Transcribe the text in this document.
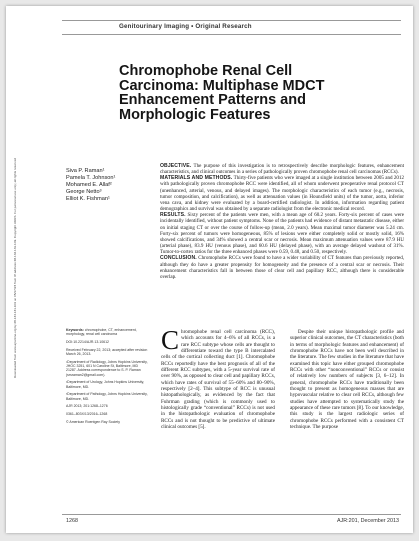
Downloaded from www.ajronline.org by 68.134.131.109 on 05/17/23 from IP address 68.134.131.109. Copyright ARRS. For personal use only; all rights reserved
Genitourinary Imaging • Original Research
Chromophobe Renal Cell Carcinoma: Multiphase MDCT Enhancement Patterns and Morphologic Features
Siva P. Raman¹
Pamela T. Johnson¹
Mohamed E. Allaf²
George Netto³
Elliot K. Fishman¹

OBJECTIVE. The purpose of this investigation is to retrospectively describe morphologic features, enhancement characteristics, and clinical outcomes in a series of pathologically proven chromophobe renal cell carcinomas (RCCs).

MATERIALS AND METHODS. Thirty-five patients who were imaged at a single institution between 2005 and 2012 with pathologically proven chromophobe RCC were identified, all of whom underwent preoperative renal protocol CT (unenhanced, arterial, venous, and delayed images). The morphologic characteristics of each tumor (e.g., necrosis, tumor composition, and calcification), as well as attenuation values (in Hounsfield units) of the tumor, aorta, inferior vena cava, and kidney were evaluated by a board-certified radiologist. In addition, information regarding patient demographics and survival was obtained by a separate radiologist from the electronic medical record.

RESULTS. Sixty percent of the patients were men, with a mean age of 60.2 years. Forty-six percent of cases were incidentally identified, without patient symptoms. None of the patients had evidence of distant metastatic disease, either on initial staging CT or over the course of follow-up (mean, 2.0 years). Mean maximal tumor diameter was 5.24 cm. Forty-six percent of tumors were homogeneous, 85% of lesions were either completely solid or mostly solid, 16% showed calcifications, and 34% showed a central scar or necrosis. Mean maximum attenuation values were 87.9 HU (arterial phase), 83.9 HU (venous phase), and 60.6 HU (delayed phase), with an average delayed washout of 31%. Tumor-to-cortex ratios for the three enhanced phases were 0.59, 0.48, and 0.50, respectively.

CONCLUSION. Chromophobe RCCs were found to have a wider variability of CT features than previously reported, although they do have a greater propensity for homogeneity and the presence of a central scar or necrosis. Their enhancement characteristics fall in between those of clear cell and papillary RCC, although there is considerable overlap.

Keywords: chromophobe, CT, enhancement, morphology, renal cell carcinoma

DOI:10.2214/AJR.13.10612

Received February 22, 2013; accepted after revision March 26, 2013.

¹Department of Radiology, Johns Hopkins University, JHOC 3251, 601 N Caroline St, Baltimore, MD 21287. Address correspondence to S. P. Raman (srsraman2@gmail.com).

²Department of Urology, Johns Hopkins University, Baltimore, MD.

³Department of Pathology, Johns Hopkins University, Baltimore, MD.

AJR 2013; 201:1268–1276

0361–803X/13/2016–1268

© American Roentgen Ray Society

Chromophobe renal cell carcinoma (RCC), which accounts for 4–6% of all RCCs, is a rare RCC subtype whose cells are thought to differentiate toward the type B intercalated cells of the cortical collecting duct [1]. Chromophobe RCCs reportedly have the best prognosis of all of the different RCC subtypes, with a 5-year survival rate of over 90%, as opposed to clear cell and papillary RCCs, which have rates of survival of 55–60% and 80–90%, respectively [2–4]. This subtype of RCC is unusual histopathologically, as evidenced by the fact that Fuhrman grading (which is commonly used to histologically grade “conventional” RCCs) is not used in the histopathologic evaluation of chromophobe RCCs and is not thought to be predictive of ultimate clinical outcomes [5].

Despite their unique histopathologic profile and superior clinical outcomes, the CT characteristics (both in terms of morphologic features and enhancement) of chromophobe RCCs have not been well described in the literature. The few studies in the literature that have examined this topic have either grouped chromophobe RCCs with other “nonconventional” RCCs or consist of relatively low numbers of subjects [3, 6–12]. In general, chromophobe RCCs have traditionally been thought to present as homogeneous masses that are hypovascular relative to clear cell RCCs, although few studies have attempted to systematically study the appearance of these rare tumors [8]. To our knowledge, this study is the largest radiologic series of chromophobe RCCs performed with a consistent CT technique. The purpose

1268	AJR:201, December 2013
